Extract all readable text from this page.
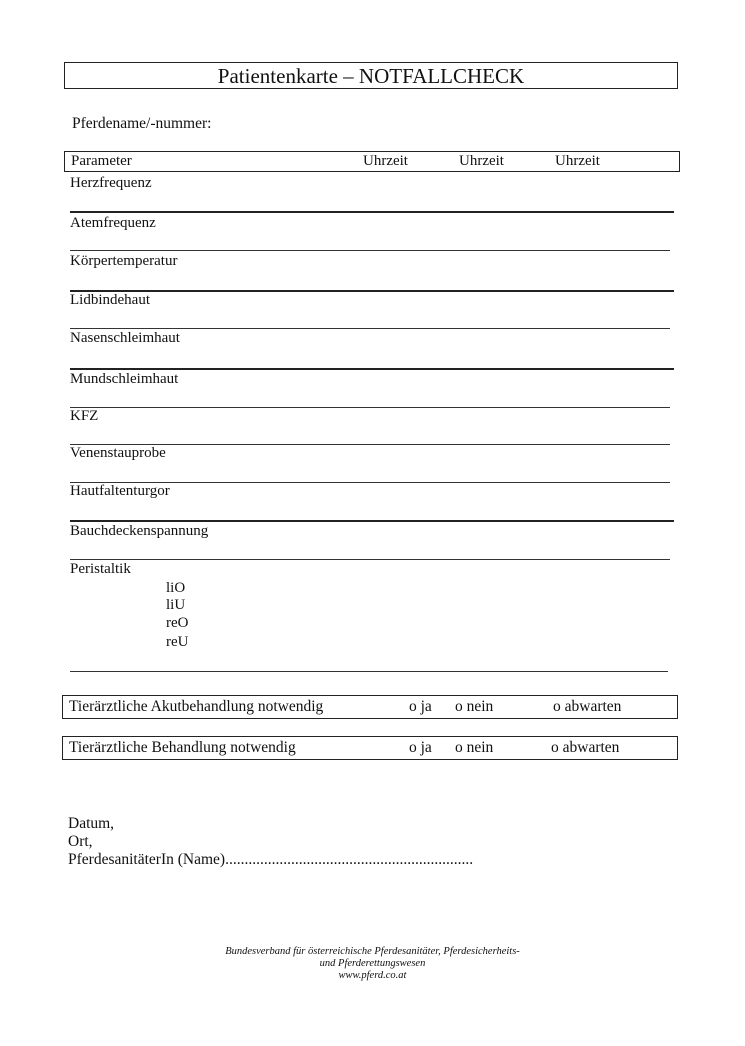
Patientenkarte – NOTFALLCHECK
Pferdename/-nummer:
Parameter	Uhrzeit	Uhrzeit	Uhrzeit
Herzfrequenz
Atemfrequenz
Körpertemperatur
Lidbindehaut
Nasenschleimhaut
Mundschleimhaut
KFZ
Venenstauprobe
Hautfaltenturgor
Bauchdeckenspannung
Peristaltik
liO
liU
reO
reU
Tierärztliche Akutbehandlung notwendig	o ja o nein	o abwarten
Tierärztliche Behandlung notwendig	o ja o nein	o abwarten
Datum,
Ort,
PferdesanitäterIn (Name)................................................................
Bundesverband für österreichische Pferdesanitäter, Pferdesicherheits-
und Pferderettungswesen
www.pferd.co.at
